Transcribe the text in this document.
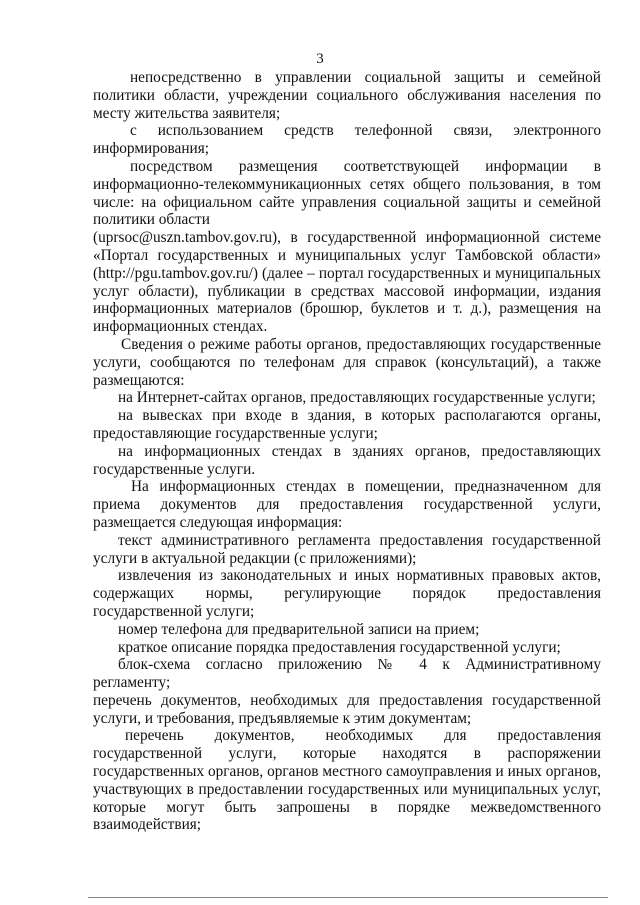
3
непосредственно в управлении социальной защиты и семейной
политики области, учреждении социального обслуживания населения по
месту жительства заявителя;
с использованием средств телефонной связи, электронного
информирования;
посредством размещения соответствующей информации в
информационно-телекоммуникационных сетях общего пользования, в том
числе: на официальном сайте управления социальной защиты и семейной
политики области
(uprsoc@uszn.tambov.gov.ru), в государственной информационной системе
«Портал государственных и муниципальных услуг Тамбовской области»
(http://pgu.tambov.gov.ru/) (далее – портал государственных и муниципальных
услуг области), публикации в средствах массовой информации, издания
информационных материалов (брошюр, буклетов и т. д.), размещения на
информационных стендах.
Сведения о режиме работы органов, предоставляющих государственные
услуги, сообщаются по телефонам для справок (консультаций), а также
размещаются:
на Интернет-сайтах органов, предоставляющих государственные услуги;
на вывесках при входе в здания, в которых располагаются органы,
предоставляющие государственные услуги;
на информационных стендах в зданиях органов, предоставляющих
государственные услуги.
На информационных стендах в помещении, предназначенном для
приема документов для предоставления государственной услуги,
размещается следующая информация:
текст административного регламента предоставления государственной
услуги в актуальной редакции (с приложениями);
извлечения из законодательных и иных нормативных правовых актов,
содержащих нормы, регулирующие порядок предоставления
государственной услуги;
номер телефона для предварительной записи на прием;
краткое описание порядка предоставления государственной услуги;
блок-схема согласно приложению № 4 к Административному
регламенту;
перечень документов, необходимых для предоставления государственной
услуги, и требования, предъявляемые к этим документам;
перечень документов, необходимых для предоставления
государственной услуги, которые находятся в распоряжении
государственных органов, органов местного самоуправления и иных органов,
участвующих в предоставлении государственных или муниципальных услуг,
которые могут быть запрошены в порядке межведомственного
взаимодействия;
